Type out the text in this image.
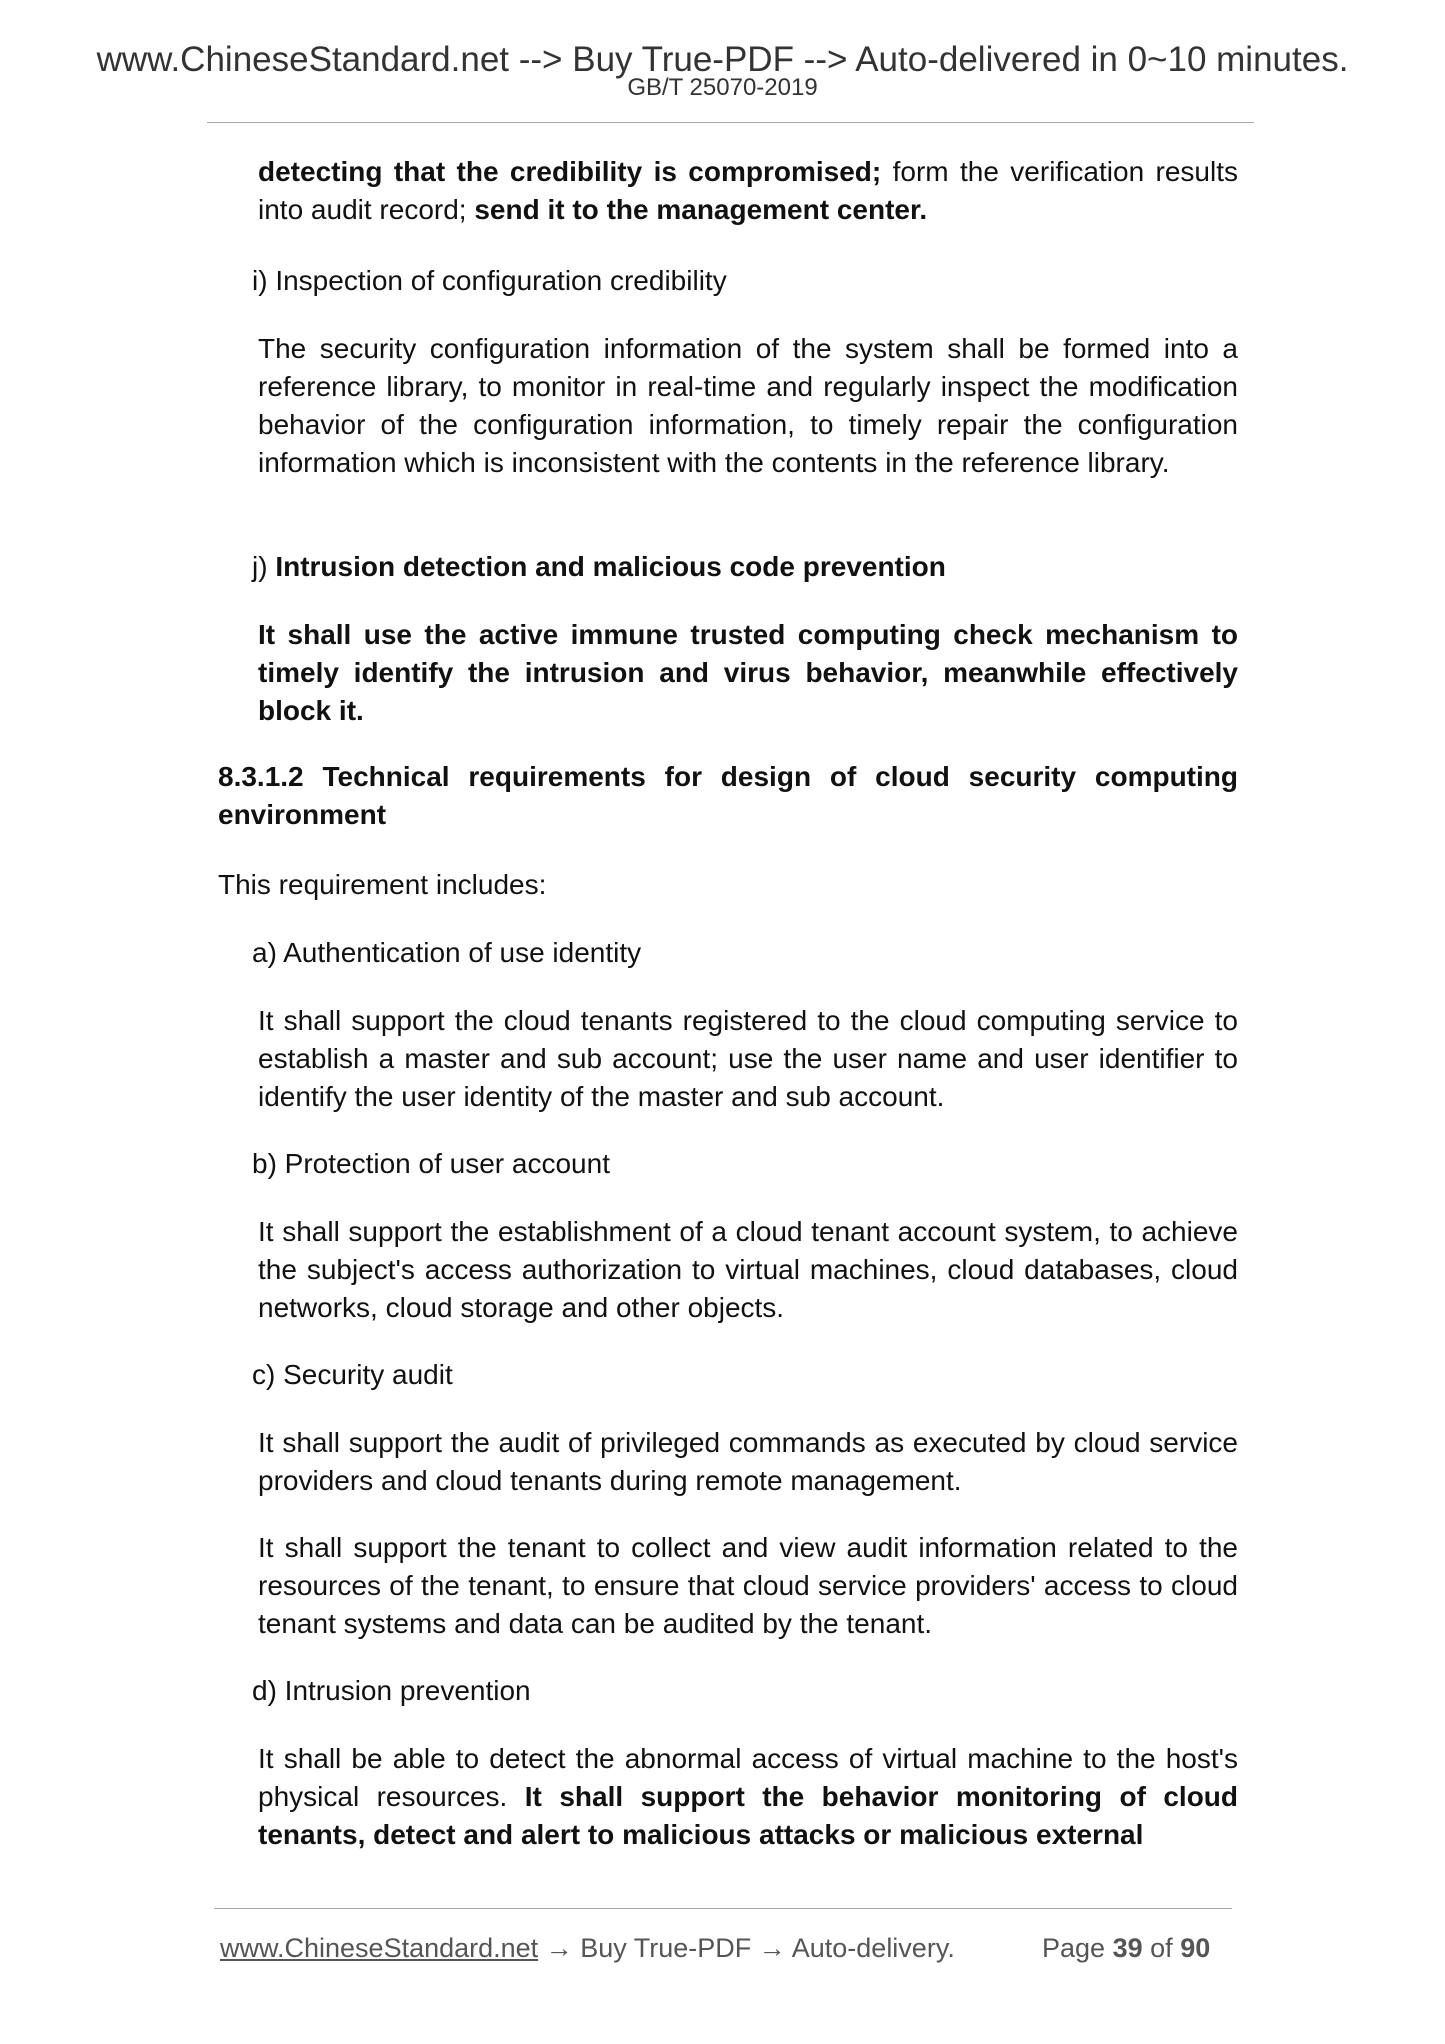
www.ChineseStandard.net --> Buy True-PDF --> Auto-delivered in 0~10 minutes.
GB/T 25070-2019

detecting that the credibility is compromised; form the verification results into audit record; send it to the management center.

i) Inspection of configuration credibility

The security configuration information of the system shall be formed into a reference library, to monitor in real-time and regularly inspect the modification behavior of the configuration information, to timely repair the configuration information which is inconsistent with the contents in the reference library.

j) Intrusion detection and malicious code prevention

It shall use the active immune trusted computing check mechanism to timely identify the intrusion and virus behavior, meanwhile effectively block it.

8.3.1.2 Technical requirements for design of cloud security computing environment

This requirement includes:

a) Authentication of use identity

It shall support the cloud tenants registered to the cloud computing service to establish a master and sub account; use the user name and user identifier to identify the user identity of the master and sub account.

b) Protection of user account

It shall support the establishment of a cloud tenant account system, to achieve the subject's access authorization to virtual machines, cloud databases, cloud networks, cloud storage and other objects.

c) Security audit

It shall support the audit of privileged commands as executed by cloud service providers and cloud tenants during remote management.

It shall support the tenant to collect and view audit information related to the resources of the tenant, to ensure that cloud service providers' access to cloud tenant systems and data can be audited by the tenant.

d) Intrusion prevention

It shall be able to detect the abnormal access of virtual machine to the host's physical resources. It shall support the behavior monitoring of cloud tenants, detect and alert to malicious attacks or malicious external

www.ChineseStandard.net → Buy True-PDF → Auto-delivery.	Page 39 of 90
